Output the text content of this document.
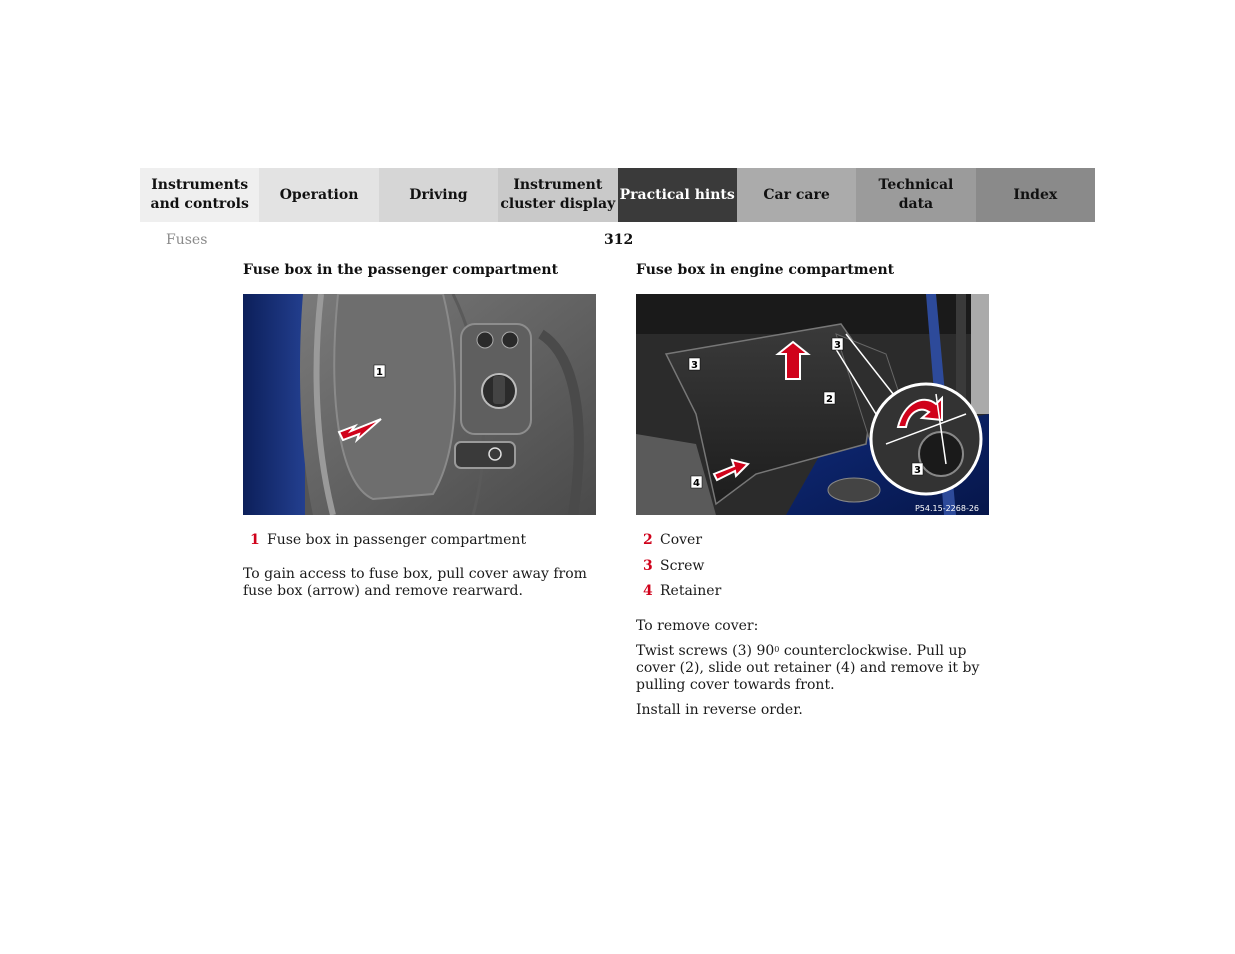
Instruments
and controls
Operation	Driving
Instrument
cluster display
Practical hints	Car care
Technical
data
Index
Fuses	312
Fuse box in the passenger compartment
1
1 Fuse box in passenger compartment
To gain access to fuse box, pull cover away from fuse box (arrow) and remove rearward.
Fuse box in engine compartment
3
3
2
4
3
P54.15-2268-26
2 Cover
3 Screw
4 Retainer
To remove cover:
Twist screws (3) $90^0$ counterclockwise. Pull up cover (2), slide out retainer (4) and remove it by pulling cover towards front.
Install in reverse order.
